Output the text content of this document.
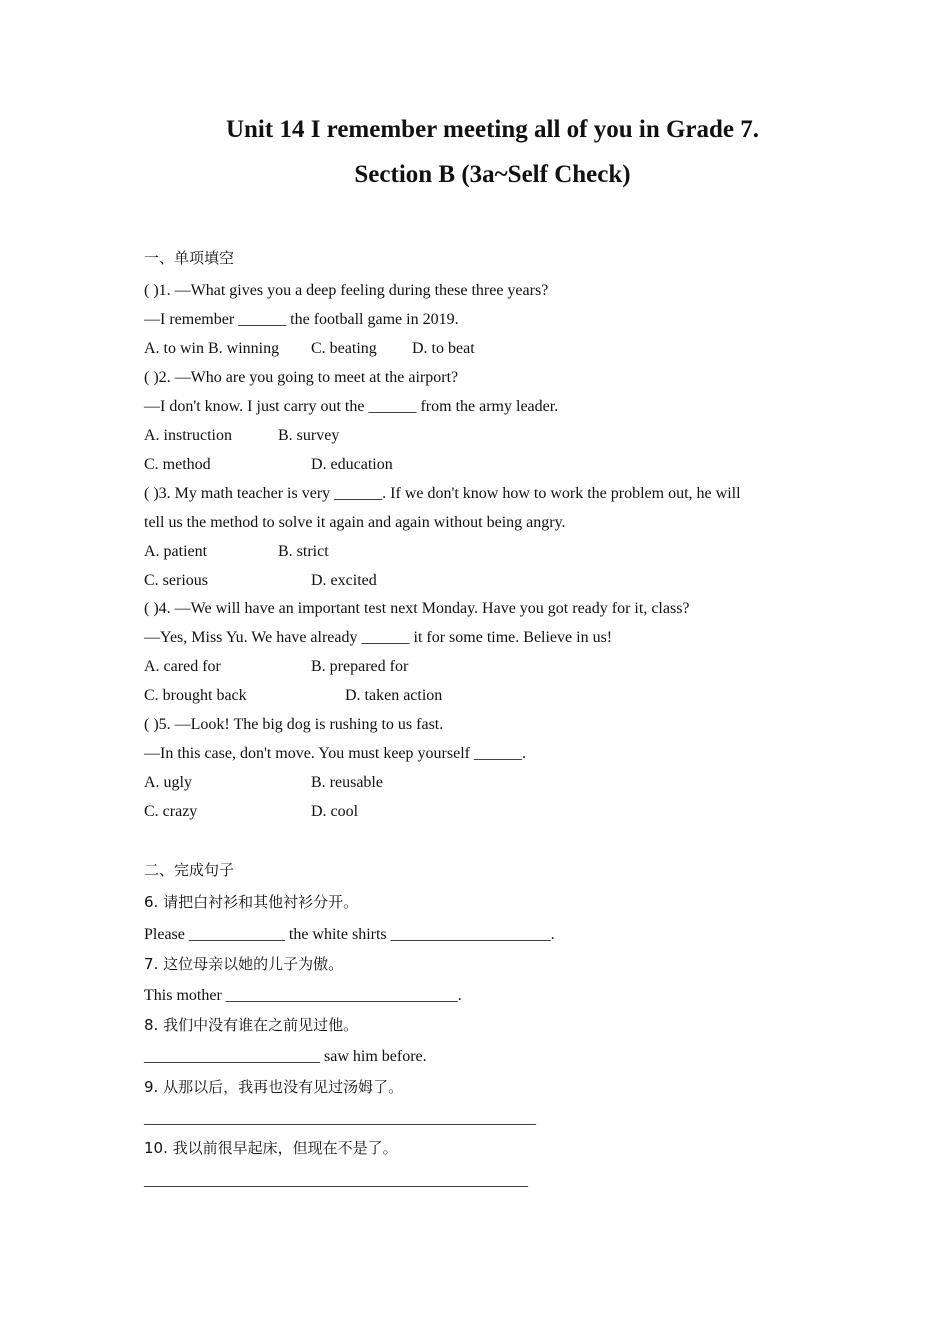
Unit 14 I remember meeting all of you in Grade 7.
Section B (3a~Self Check)
一、单项填空
( )1. —What gives you a deep feeling during these three years?
—I remember ______ the football game in 2019.
A. to win B. winning C. beating D. to beat
( )2. —Who are you going to meet at the airport?
—I don't know. I just carry out the ______ from the army leader.
A. instruction	B. survey
C. method	D. education
( )3. My math teacher is very ______. If we don't know how to work the problem out, he will
tell us the method to solve it again and again without being angry.
A. patient	B. strict
C. serious	D. excited
( )4. —We will have an important test next Monday. Have you got ready for it, class?
—Yes, Miss Yu. We have already ______ it for some time. Believe in us!
A. cared for	B. prepared for
C. brought back	D. taken action
( )5. —Look! The big dog is rushing to us fast.
—In this case, don't move. You must keep yourself ______.
A. ugly	B. reusable
C. crazy	D. cool
二、完成句子
6. 请把白衬衫和其他衬衫分开。
Please ____________ the white shirts ____________________.
7. 这位母亲以她的儿子为傲。
This mother _____________________________.
8. 我们中没有谁在之前见过他。
______________________ saw him before.
9. 从那以后，我再也没有见过汤姆了。
_________________________________________________
10. 我以前很早起床，但现在不是了。
________________________________________________
